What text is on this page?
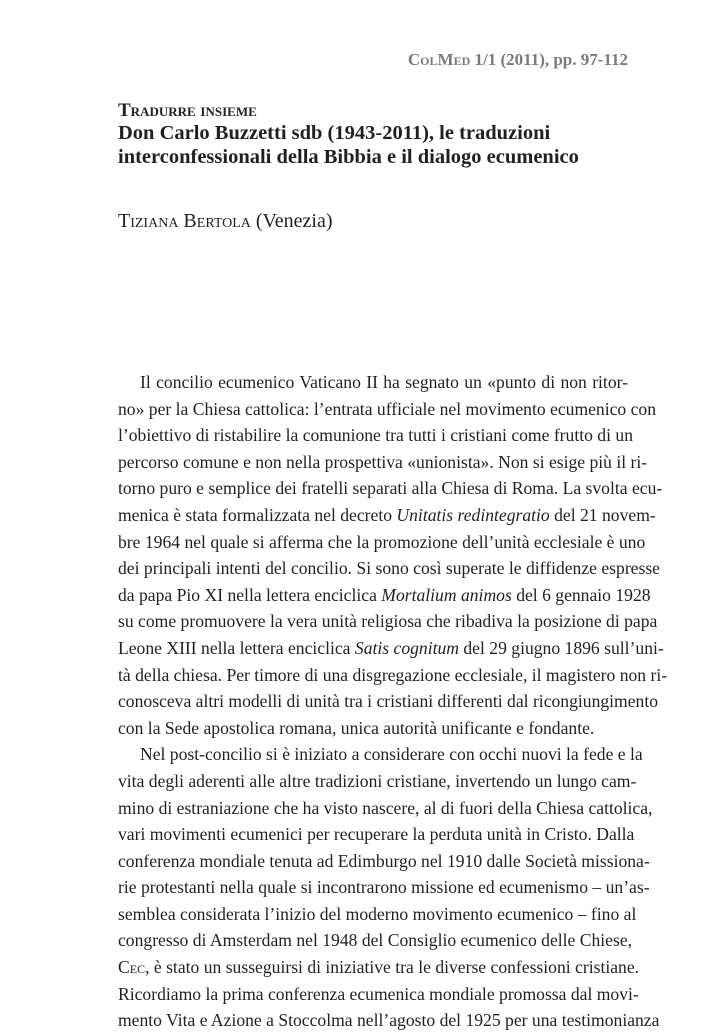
ColMed 1/1 (2011), pp. 97-112
Tradurre insieme
Don Carlo Buzzetti sdb (1943-2011), le traduzioni
interconfessionali della Bibbia e il dialogo ecumenico
Tiziana Bertola (Venezia)
Il concilio ecumenico Vaticano II ha segnato un «punto di non ritor-
no» per la Chiesa cattolica: l’entrata ufficiale nel movimento ecumenico con
l’obiettivo di ristabilire la comunione tra tutti i cristiani come frutto di un
percorso comune e non nella prospettiva «unionista». Non si esige più il ri-
torno puro e semplice dei fratelli separati alla Chiesa di Roma. La svolta ecu-
menica è stata formalizzata nel decreto Unitatis redintegratio del 21 novem-
bre 1964 nel quale si afferma che la promozione dell’unità ecclesiale è uno
dei principali intenti del concilio. Si sono così superate le diffidenze espresse
da papa Pio XI nella lettera enciclica Mortalium animos del 6 gennaio 1928
su come promuovere la vera unità religiosa che ribadiva la posizione di papa
Leone XIII nella lettera enciclica Satis cognitum del 29 giugno 1896 sull’uni-
tà della chiesa. Per timore di una disgregazione ecclesiale, il magistero non ri-
conosceva altri modelli di unità tra i cristiani differenti dal ricongiungimento
con la Sede apostolica romana, unica autorità unificante e fondante.
Nel post-concilio si è iniziato a considerare con occhi nuovi la fede e la
vita degli aderenti alle altre tradizioni cristiane, invertendo un lungo cam-
mino di estraniazione che ha visto nascere, al di fuori della Chiesa cattolica,
vari movimenti ecumenici per recuperare la perduta unità in Cristo. Dalla
conferenza mondiale tenuta ad Edimburgo nel 1910 dalle Società missiona-
rie protestanti nella quale si incontrarono missione ed ecumenismo – un’as-
semblea considerata l’inizio del moderno movimento ecumenico – fino al
congresso di Amsterdam nel 1948 del Consiglio ecumenico delle Chiese,
Cec, è stato un susseguirsi di iniziative tra le diverse confessioni cristiane.
Ricordiamo la prima conferenza ecumenica mondiale promossa dal movi-
mento Vita e Azione a Stoccolma nell’agosto del 1925 per una testimonianza
